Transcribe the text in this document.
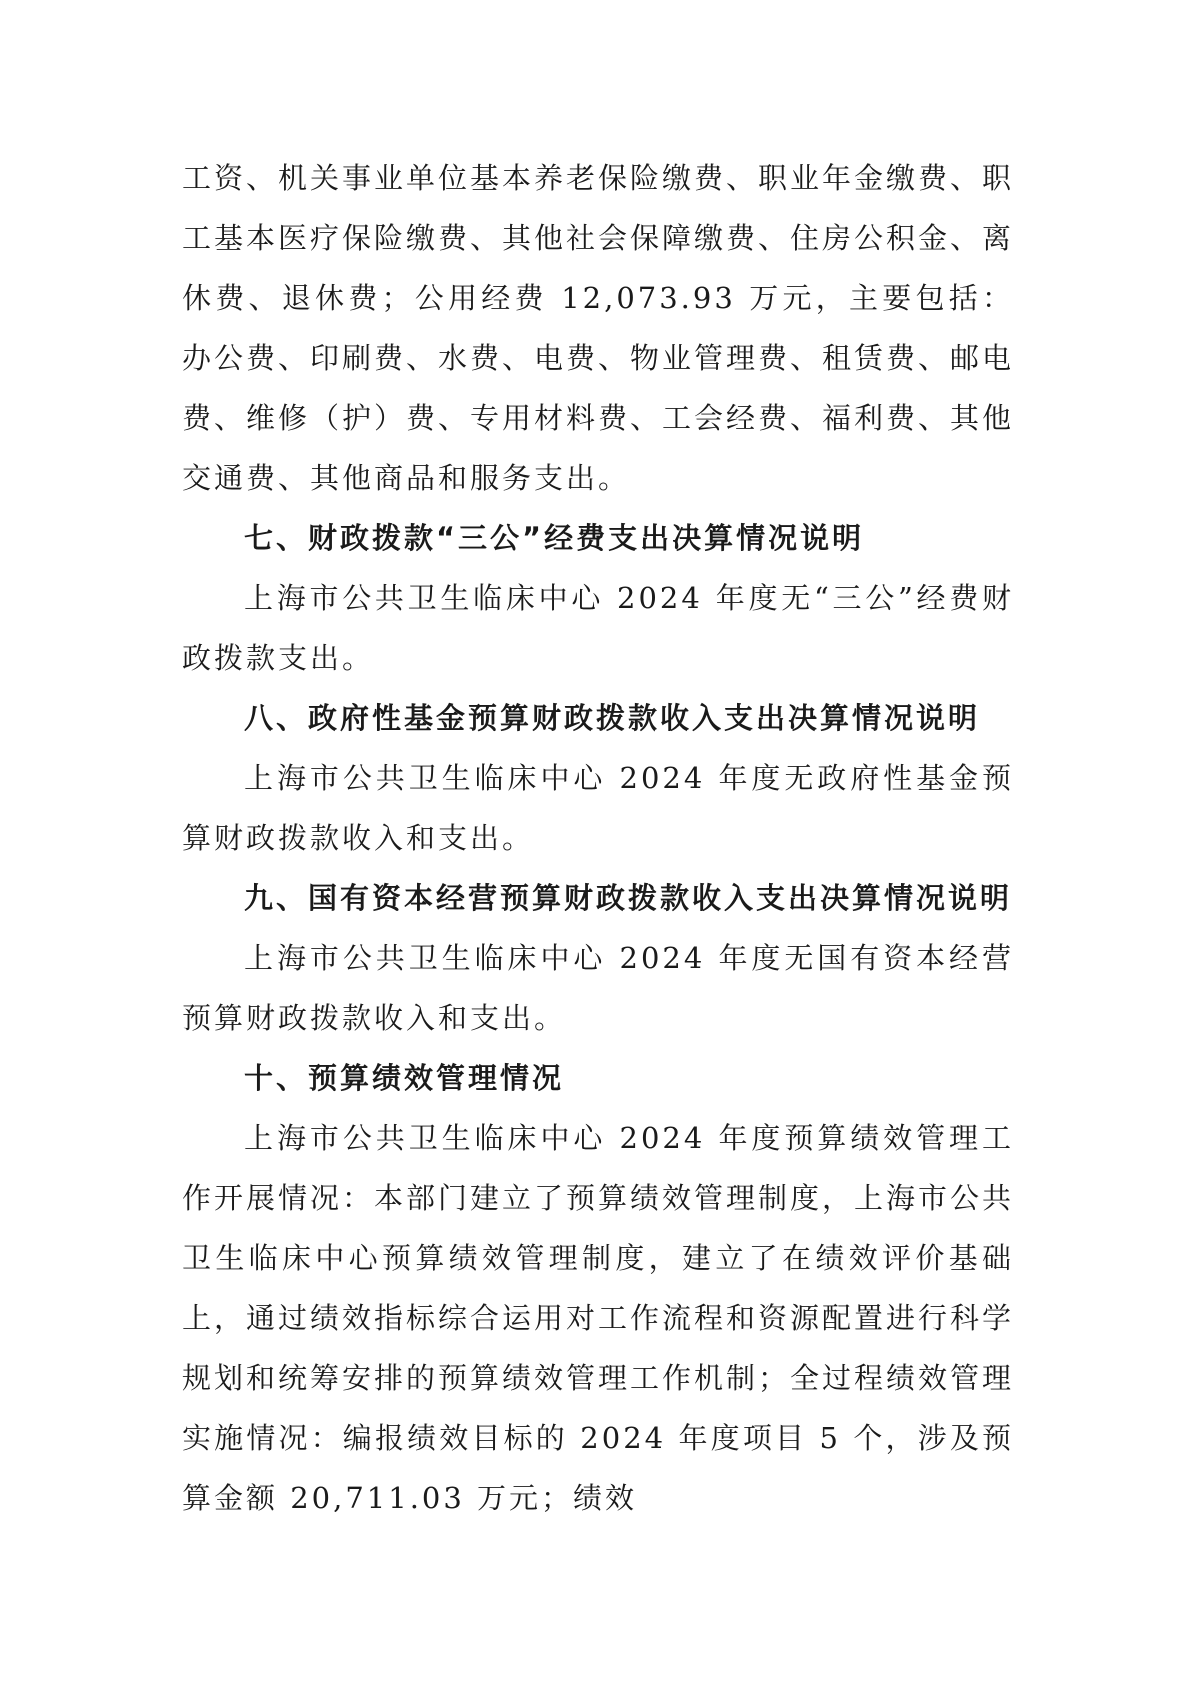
工资、机关事业单位基本养老保险缴费、职业年金缴费、职工基本医疗保险缴费、其他社会保障缴费、住房公积金、离休费、退休费；公用经费 12,073.93 万元，主要包括：办公费、印刷费、水费、电费、物业管理费、租赁费、邮电费、维修（护）费、专用材料费、工会经费、福利费、其他交通费、其他商品和服务支出。

七、财政拨款“三公”经费支出决算情况说明

上海市公共卫生临床中心 2024 年度无“三公”经费财政拨款支出。

八、政府性基金预算财政拨款收入支出决算情况说明

上海市公共卫生临床中心 2024 年度无政府性基金预算财政拨款收入和支出。

九、国有资本经营预算财政拨款收入支出决算情况说明

上海市公共卫生临床中心 2024 年度无国有资本经营预算财政拨款收入和支出。

十、预算绩效管理情况

上海市公共卫生临床中心 2024 年度预算绩效管理工作开展情况：本部门建立了预算绩效管理制度，上海市公共卫生临床中心预算绩效管理制度，建立了在绩效评价基础上，通过绩效指标综合运用对工作流程和资源配置进行科学规划和统筹安排的预算绩效管理工作机制；全过程绩效管理实施情况：编报绩效目标的 2024 年度项目 5 个，涉及预算金额 20,711.03 万元；绩效
